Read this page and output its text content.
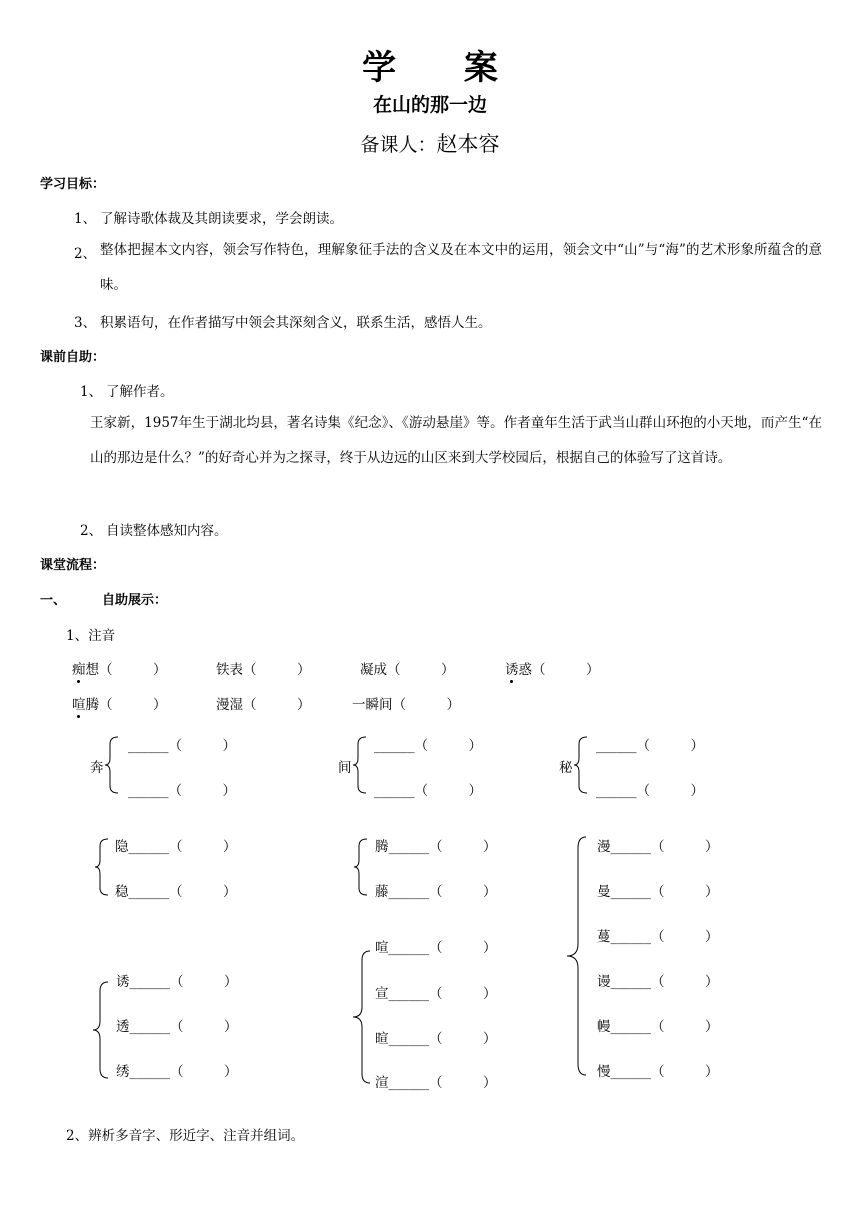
学 案
在山的那一边
备课人：赵本容
学习目标：
1、 了解诗歌体裁及其朗读要求，学会朗读。
2、 整体把握本文内容，领会写作特色，理解象征手法的含义及在本文中的运用，领会文中“山”与“海”的艺术形象所蕴含的意味。
3、 积累语句，在作者描写中领会其深刻含义，联系生活，感悟人生。
课前自助：
1、 了解作者。
王家新，1957年生于湖北均县，著名诗集《纪念》、《游动悬崖》等。作者童年生活于武当山群山环抱的小天地，而产生“在山的那边是什么？”的好奇心并为之探寻，终于从边远的山区来到大学校园后，根据自己的体验写了这首诗。
2、 自读整体感知内容。
课堂流程：
一、	自助展示：
1、注音
痴想（　　　）	铁表（　　　）	凝成（　　　）	诱惑（　　　）
喧腾（　　　）	漫湿（　　　）	一瞬间（　　　）
奔
______（　　　）
______（　　　）
间
______（　　　）
______（　　　）
秘
______（　　　）
______（　　　）
隐______（　　　）
稳______（　　　）
腾______（　　　）
藤______（　　　）
漫______（　　　）
曼______（　　　）
蔓______（　　　）
谩______（　　　）
幔______（　　　）
慢______（　　　）
喧______（　　　）
宣______（　　　）
暄______（　　　）
渲______（　　　）
诱______（　　　）
透______（　　　）
绣______（　　　）
2、辨析多音字、形近字、注音并组词。
